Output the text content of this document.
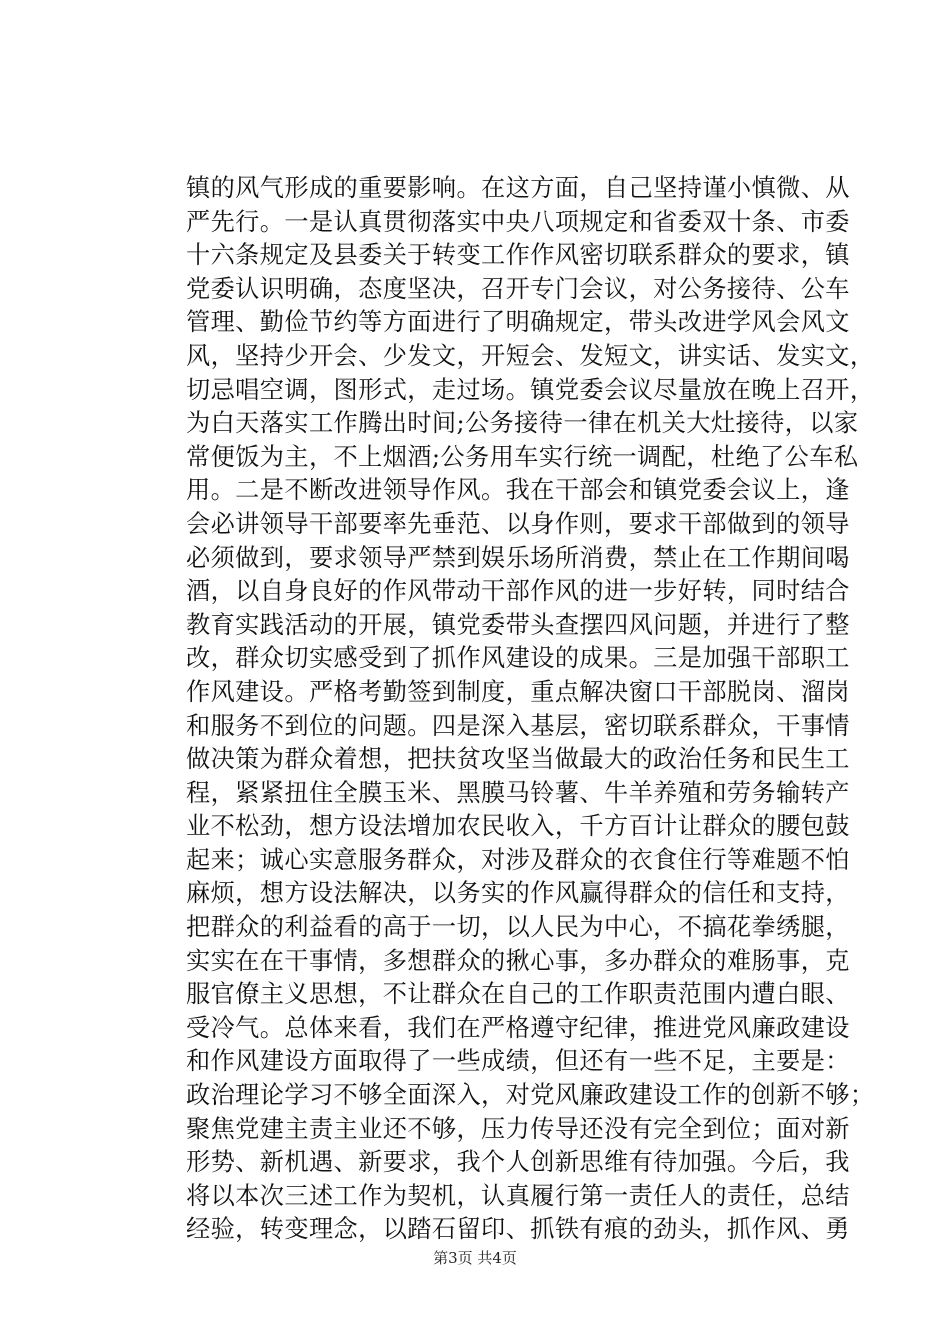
镇的风气形成的重要影响。在这方面，自己坚持谨小慎微、从
严先行。一是认真贯彻落实中央八项规定和省委双十条、市委
十六条规定及县委关于转变工作作风密切联系群众的要求，镇
党委认识明确，态度坚决，召开专门会议，对公务接待、公车
管理、勤俭节约等方面进行了明确规定，带头改进学风会风文
风，坚持少开会、少发文，开短会、发短文，讲实话、发实文，
切忌唱空调，图形式，走过场。镇党委会议尽量放在晚上召开，
为白天落实工作腾出时间;公务接待一律在机关大灶接待，以家
常便饭为主，不上烟酒;公务用车实行统一调配，杜绝了公车私
用。二是不断改进领导作风。我在干部会和镇党委会议上，逢
会必讲领导干部要率先垂范、以身作则，要求干部做到的领导
必须做到，要求领导严禁到娱乐场所消费，禁止在工作期间喝
酒，以自身良好的作风带动干部作风的进一步好转，同时结合
教育实践活动的开展，镇党委带头查摆四风问题，并进行了整
改，群众切实感受到了抓作风建设的成果。三是加强干部职工
作风建设。严格考勤签到制度，重点解决窗口干部脱岗、溜岗
和服务不到位的问题。四是深入基层，密切联系群众，干事情
做决策为群众着想，把扶贫攻坚当做最大的政治任务和民生工
程，紧紧扭住全膜玉米、黑膜马铃薯、牛羊养殖和劳务输转产
业不松劲，想方设法增加农民收入，千方百计让群众的腰包鼓
起来；诚心实意服务群众，对涉及群众的衣食住行等难题不怕
麻烦，想方设法解决，以务实的作风赢得群众的信任和支持，
把群众的利益看的高于一切，以人民为中心，不搞花拳绣腿，
实实在在干事情，多想群众的揪心事，多办群众的难肠事，克
服官僚主义思想，不让群众在自己的工作职责范围内遭白眼、
受冷气。总体来看，我们在严格遵守纪律，推进党风廉政建设
和作风建设方面取得了一些成绩，但还有一些不足，主要是：
政治理论学习不够全面深入，对党风廉政建设工作的创新不够；
聚焦党建主责主业还不够，压力传导还没有完全到位；面对新
形势、新机遇、新要求，我个人创新思维有待加强。今后，我
将以本次三述工作为契机，认真履行第一责任人的责任，总结
经验，转变理念，以踏石留印、抓铁有痕的劲头，抓作风、勇
第3页 共4页
